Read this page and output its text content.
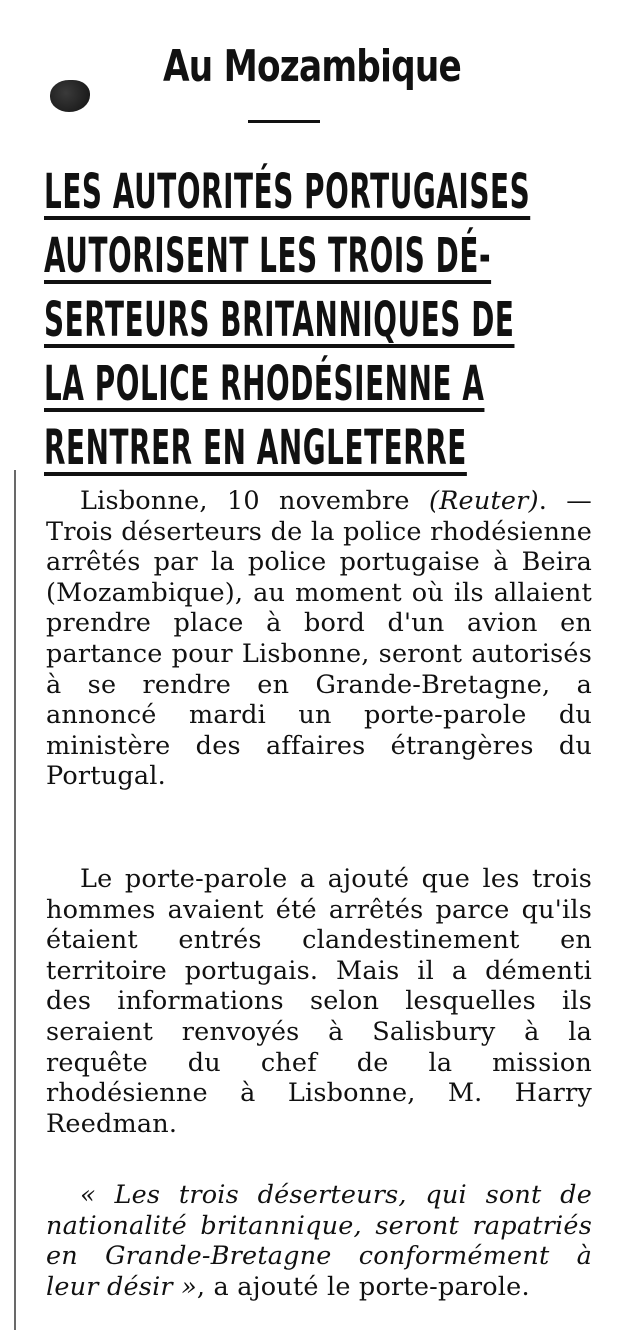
Au Mozambique
LES AUTORITÉS PORTUGAISES
AUTORISENT LES TROIS DÉ-
SERTEURS BRITANNIQUES DE
LA POLICE RHODÉSIENNE A
RENTRER EN ANGLETERRE

Lisbonne, 10 novembre (Reuter). — Trois déserteurs de la police rhodésienne arrêtés par la police portugaise à Beira (Mozambique), au moment où ils allaient prendre place à bord d'un avion en partance pour Lisbonne, seront autorisés à se rendre en Grande-Bretagne, a annoncé mardi un porte-parole du ministère des affaires étrangères du Portugal.

Le porte-parole a ajouté que les trois hommes avaient été arrêtés parce qu'ils étaient entrés clandestinement en territoire portugais. Mais il a démenti des informations selon lesquelles ils seraient renvoyés à Salisbury à la requête du chef de la mission rhodésienne à Lisbonne, M. Harry Reedman.

« Les trois déserteurs, qui sont de nationalité britannique, seront rapatriés en Grande-Bretagne conformément à leur désir », a ajouté le porte-parole.
